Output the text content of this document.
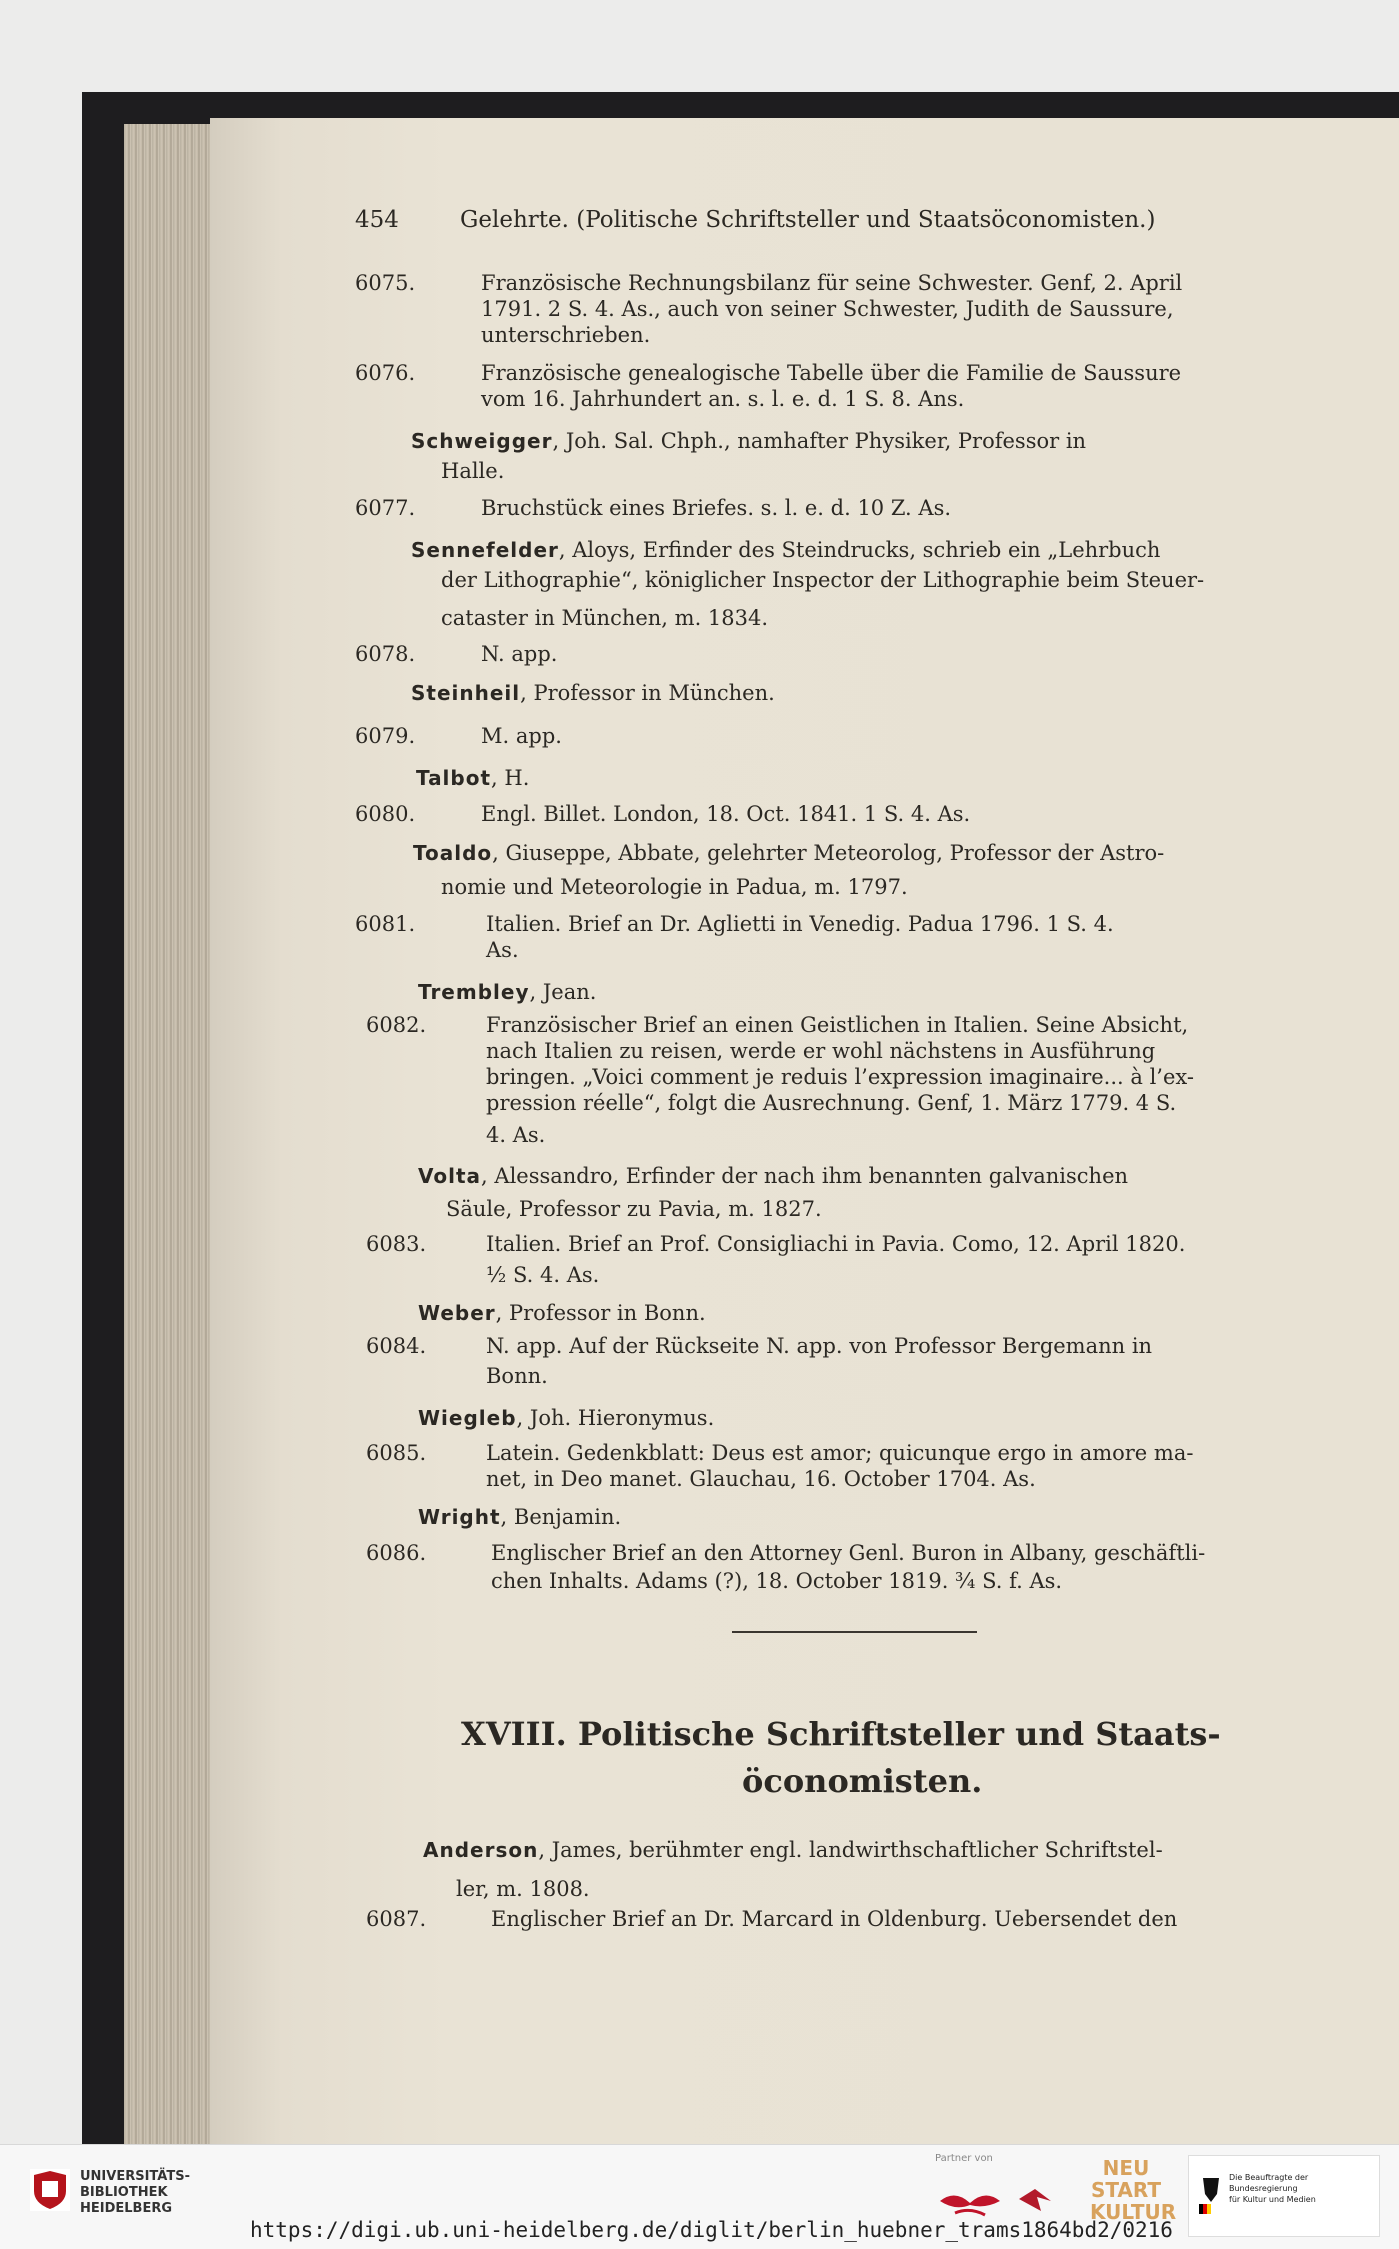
454	Gelehrte. (Politische Schriftsteller und Staatsöconomisten.)
6075.	Französische Rechnungsbilanz für seine Schwester. Genf, 2. April
1791. 2 S. 4. As., auch von seiner Schwester, Judith de Saussure,
unterschrieben.
6076.	Französische genealogische Tabelle über die Familie de Saussure
vom 16. Jahrhundert an. s. l. e. d. 1 S. 8. Ans.
Schweigger, Joh. Sal. Chph., namhafter Physiker, Professor in
Halle.
6077.	Bruchstück eines Briefes. s. l. e. d. 10 Z. As.
Sennefelder, Aloys, Erfinder des Steindrucks, schrieb ein „Lehrbuch
der Lithographie“, königlicher Inspector der Lithographie beim Steuer-
cataster in München, m. 1834.
6078.	N. app.
Steinheil, Professor in München.
6079.	M. app.
Talbot, H.
6080.	Engl. Billet. London, 18. Oct. 1841. 1 S. 4. As.
Toaldo, Giuseppe, Abbate, gelehrter Meteorolog, Professor der Astro-
nomie und Meteorologie in Padua, m. 1797.
6081.	Italien. Brief an Dr. Aglietti in Venedig. Padua 1796. 1 S. 4.
As.
Trembley, Jean.
6082.	Französischer Brief an einen Geistlichen in Italien. Seine Absicht,
nach Italien zu reisen, werde er wohl nächstens in Ausführung
bringen. „Voici comment je reduis l’expression imaginaire... à l’ex-
pression réelle“, folgt die Ausrechnung. Genf, 1. März 1779. 4 S.
4. As.
Volta, Alessandro, Erfinder der nach ihm benannten galvanischen
Säule, Professor zu Pavia, m. 1827.
6083.	Italien. Brief an Prof. Consigliachi in Pavia. Como, 12. April 1820.
½ S. 4. As.
Weber, Professor in Bonn.
6084.	N. app. Auf der Rückseite N. app. von Professor Bergemann in
Bonn.
Wiegleb, Joh. Hieronymus.
6085.	Latein. Gedenkblatt: Deus est amor; quicunque ergo in amore ma-
net, in Deo manet. Glauchau, 16. October 1704. As.
Wright, Benjamin.
6086.	Englischer Brief an den Attorney Genl. Buron in Albany, geschäftli-
chen Inhalts. Adams (?), 18. October 1819. ¾ S. f. As.
XVIII. Politische Schriftsteller und Staats-
öconomisten.
Anderson, James, berühmter engl. landwirthschaftlicher Schriftstel-
ler, m. 1808.
6087.	Englischer Brief an Dr. Marcard in Oldenburg. Uebersendet den
UNIVERSITÄTS-
BIBLIOTHEK
HEIDELBERG
Partner von	NEU
START
KULTUR
Die Beauftragte der Bundesregierung
für Kultur und Medien
https://digi.ub.uni-heidelberg.de/diglit/berlin_huebner_trams1864bd2/0216
